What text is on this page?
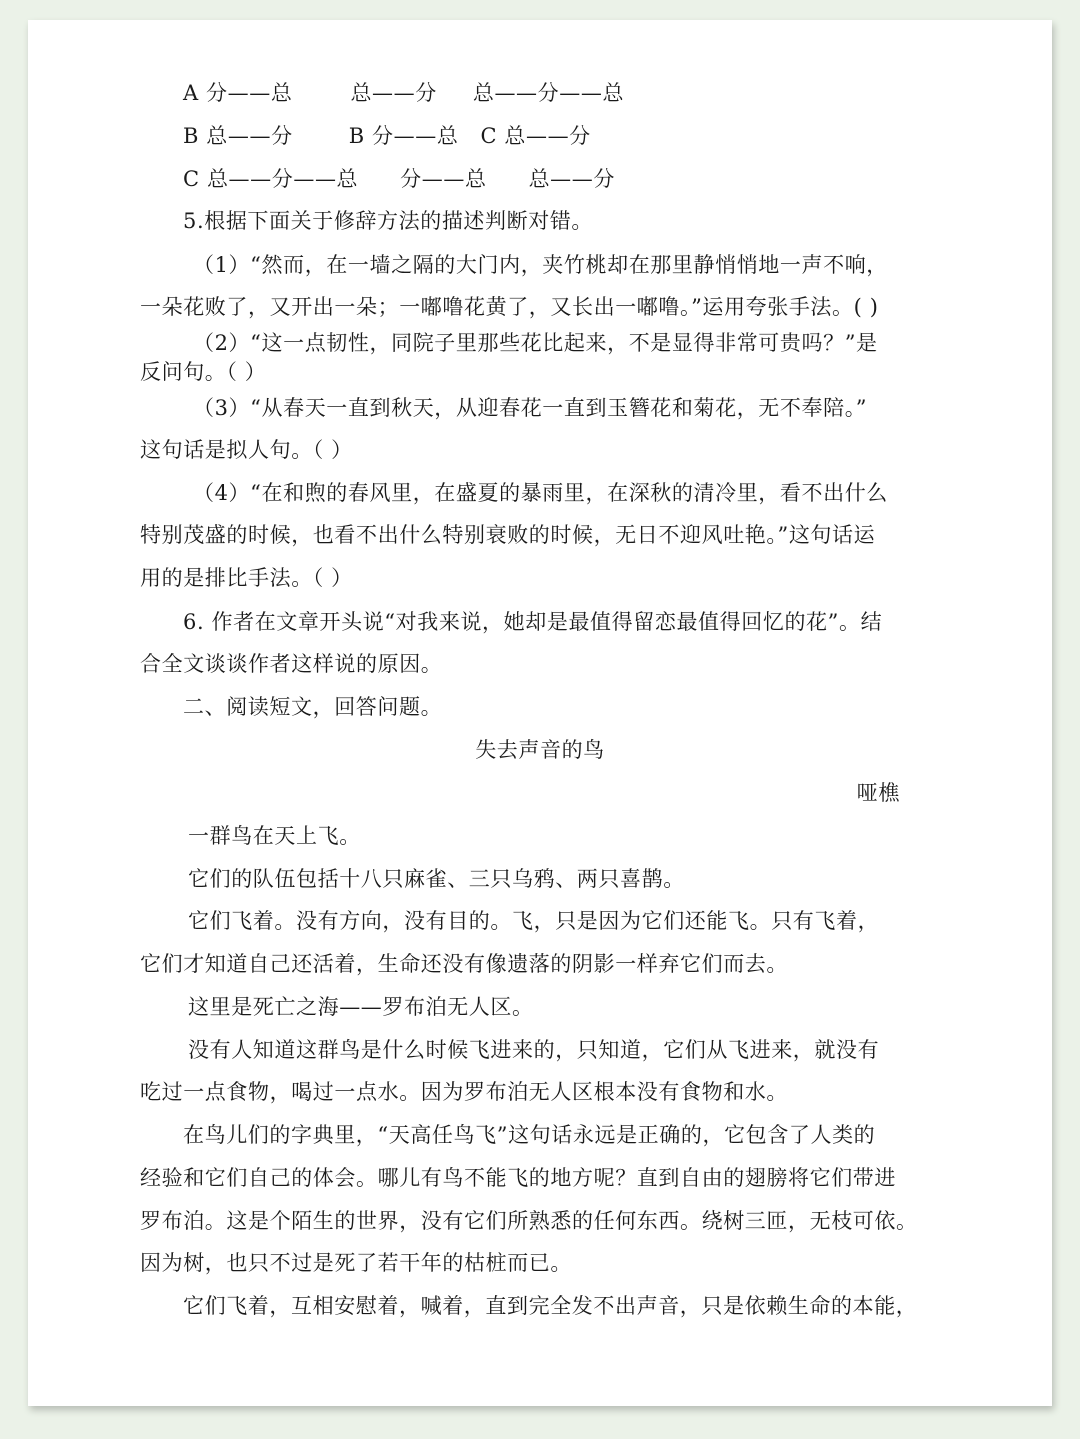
A 分——总	总——分 总——分——总
B 总——分	B 分——总 C 总——分
C 总——分——总 分——总 总——分
5.根据下面关于修辞方法的描述判断对错。
（1）“然而，在一墙之隔的大门内，夹竹桃却在那里静悄悄地一声不响，
一朵花败了，又开出一朵；一嘟噜花黄了，又长出一嘟噜。”运用夸张手法。( )
（2）“这一点韧性，同院子里那些花比起来，不是显得非常可贵吗？”是
反问句。（ ）
（3）“从春天一直到秋天，从迎春花一直到玉簪花和菊花，无不奉陪。”
这句话是拟人句。（ ）
（4）“在和煦的春风里，在盛夏的暴雨里，在深秋的清冷里，看不出什么
特别茂盛的时候，也看不出什么特别衰败的时候，无日不迎风吐艳。”这句话运
用的是排比手法。（ ）
6. 作者在文章开头说“对我来说，她却是最值得留恋最值得回忆的花”。结
合全文谈谈作者这样说的原因。
二、阅读短文，回答问题。
失去声音的鸟
哑樵
一群鸟在天上飞。
它们的队伍包括十八只麻雀、三只乌鸦、两只喜鹊。
它们飞着。没有方向，没有目的。飞，只是因为它们还能飞。只有飞着，
它们才知道自己还活着，生命还没有像遗落的阴影一样弃它们而去。
这里是死亡之海——罗布泊无人区。
没有人知道这群鸟是什么时候飞进来的，只知道，它们从飞进来，就没有
吃过一点食物，喝过一点水。因为罗布泊无人区根本没有食物和水。
在鸟儿们的字典里，“天高任鸟飞”这句话永远是正确的，它包含了人类的
经验和它们自己的体会。哪儿有鸟不能飞的地方呢？直到自由的翅膀将它们带进
罗布泊。这是个陌生的世界，没有它们所熟悉的任何东西。绕树三匝，无枝可依。
因为树，也只不过是死了若干年的枯桩而已。
它们飞着，互相安慰着，喊着，直到完全发不出声音，只是依赖生命的本能，
